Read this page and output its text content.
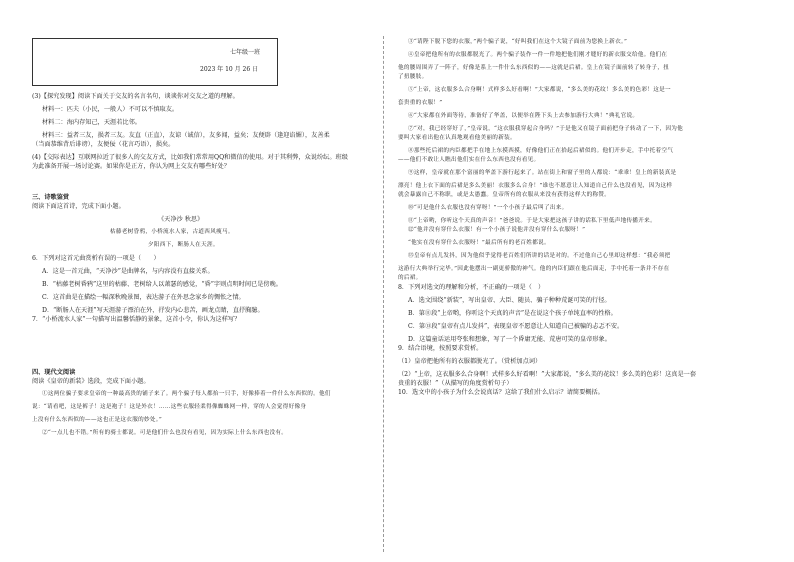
七年级一班
2023 年 10 月 26 日

(3)【探究发现】阅读下面关于交友的名言名句，谈谈你对交友之道的理解。

材料一：匹夫（小民，一般人）不可以不慎取友。

材料二：海内存知己，天涯若比邻。

材料三：益者三友，损者三友。友直（正直），友谅（诚信），友多闻，益矣；友便辟（逢迎谄媚），友善柔

（当面恭维背后诽谤），友便佞（花言巧语），损矣。

(4)【交际表达】互联网拉近了很多人的交友方式，比如我们常常用QQ和微信的使用。对于其利弊，众说纷纭。班级

为此准备开展一场讨论赛。如果你是正方，你认为网上交友有哪些好处？

三、诗歌鉴赏

阅读下面这首诗，完成下面小题。

《天净沙 秋思》

枯藤老树昏鸦，小桥流水人家，古道西风瘦马。

夕阳西下，断肠人在天涯。

6．下列对这首元曲赏析有误的一项是（　　）

A．这是一首元曲，“天净沙”是曲牌名，与内容没有直接关系。

B．“枯藤老树昏鸦”这里的枯藤、老树给人以萧瑟的感觉，“昏”字则点明时间已是傍晚。

C．这首曲是在描绘一幅深秋晚景图，表达游子在外思念家乡的惆怅之情。

D．“断肠人在天涯”写天涯游子漂泊在外，抒发内心悲苦，画龙点睛，直抒胸臆。

7．“小桥流水人家”一句描写出温馨恬静的景象，这首小令，你认为这样写？

四、现代文阅读

阅读《皇帝的新装》选段，完成下面小题。

①这两位骗子要求皇帝的一种最高贵的铺子来了。两个骗子每人都抬一只手，好像捧着一件什么东西似的。他们

说：“请看吧，这是裤子！这是袍子！这是外衣！……这些衣服轻柔得像蜘蛛网一样，穿的人会觉得好像身

上没有什么东西似的——这也正是这衣服的妙处。”

②“一点儿也不错。”所有的骑士都说。可是他们什么也没有看见，因为实际上什么东西也没有。

③“请陛下脱下您的衣服，”两个骗子说，“好叫我们在这个大镜子面前为您换上新衣。”

④皇帝把他所有的衣服都脱光了。两个骗子装作一件一件地把他们刚才缝好的新衣服交给他。他们在

他的腰周围弄了一阵子，好像是系上一件什么东西似的——这就是后裙。皇上在镜子面前转了转身子，扭

了扭腰肢。

⑤“上帝，这衣服多么合身啊！式样多么好看啊！”大家都说，“多么美的花纹！多么美的色彩！这是一

套贵重的衣服！”

⑥“大家都在外面等待，准备好了华盖，以便举在陛下头上去参加游行大典！”典礼官说。

⑦“对，我已经穿好了，”皇帝说，“这衣服我穿起合身吗？”于是他又在镜子面前把身子转动了一下，因为他

要叫大家看出他在认真地观看他美丽的新装。

⑧那些托后裙的内臣都把手在地上东摸西摸，好像他们正在拾起后裙似的。他们开步走，手中托着空气

——他们不敢让人瞧出他们实在什么东西也没有看见。

⑨这样，皇帝就在那个富丽的华盖下游行起来了。站在街上和窗子里的人都说：“乖乖！皇上的新装真是

漂亮！他上衣下面的后裙是多么美丽！衣服多么合身！”谁也不愿意让人知道自己什么也没看见，因为这样

就会暴露自己不称职，或是太愚蠢。皇帝所有的衣服从来没有获得这样大的称赞。

⑩“可是他什么衣服也没有穿呀！”一个小孩子最后叫了出来。

⑪“上帝哟，你听这个天真的声音！”爸爸说。于是大家把这孩子讲的话私下里低声地传播开来。

⑫“他并没有穿什么衣服！有一个小孩子说他并没有穿什么衣服呀！”

“他实在没有穿什么衣服呀！”最后所有的老百姓都说。

⑬皇帝有点儿发抖，因为他似乎觉得老百姓们所讲的话是对的。不过他自己心里却这样想：“我必须把

这游行大典举行完毕。”因此他摆出一副更骄傲的神气。他的内臣们跟在他后面走，手中托着一条并不存在

的后裙。

8．下列对选文的理解和分析，不正确的一项是（　）

A．选文围绕“新装”，写出皇帝、大臣、随员、骗子种种荒诞可笑的行径。

B．第⑪段“上帝哟，你听这个天真的声音”是在说这个孩子单纯直率的性格。

C．第⑬段“皇帝有点儿发抖”，表现皇帝不愿意让人知道自己被骗的忐忑不安。

D．这篇童话运用夸张和想象，写了一个昏庸无能、荒唐可笑的皇帝形象。

9．结合语境，按照要求赏析。

（1）皇帝把他所有的衣服都脱光了。（赏析加点词）

（2）“上帝，这衣服多么合身啊！式样多么好看啊！”大家都说，“多么美的花纹！多么美的色彩！这真是一套

贵重的衣服！”（从描写的角度赏析句子）

10．选文中的小孩子为什么会说真话？这给了我们什么启示？请简要概括。
